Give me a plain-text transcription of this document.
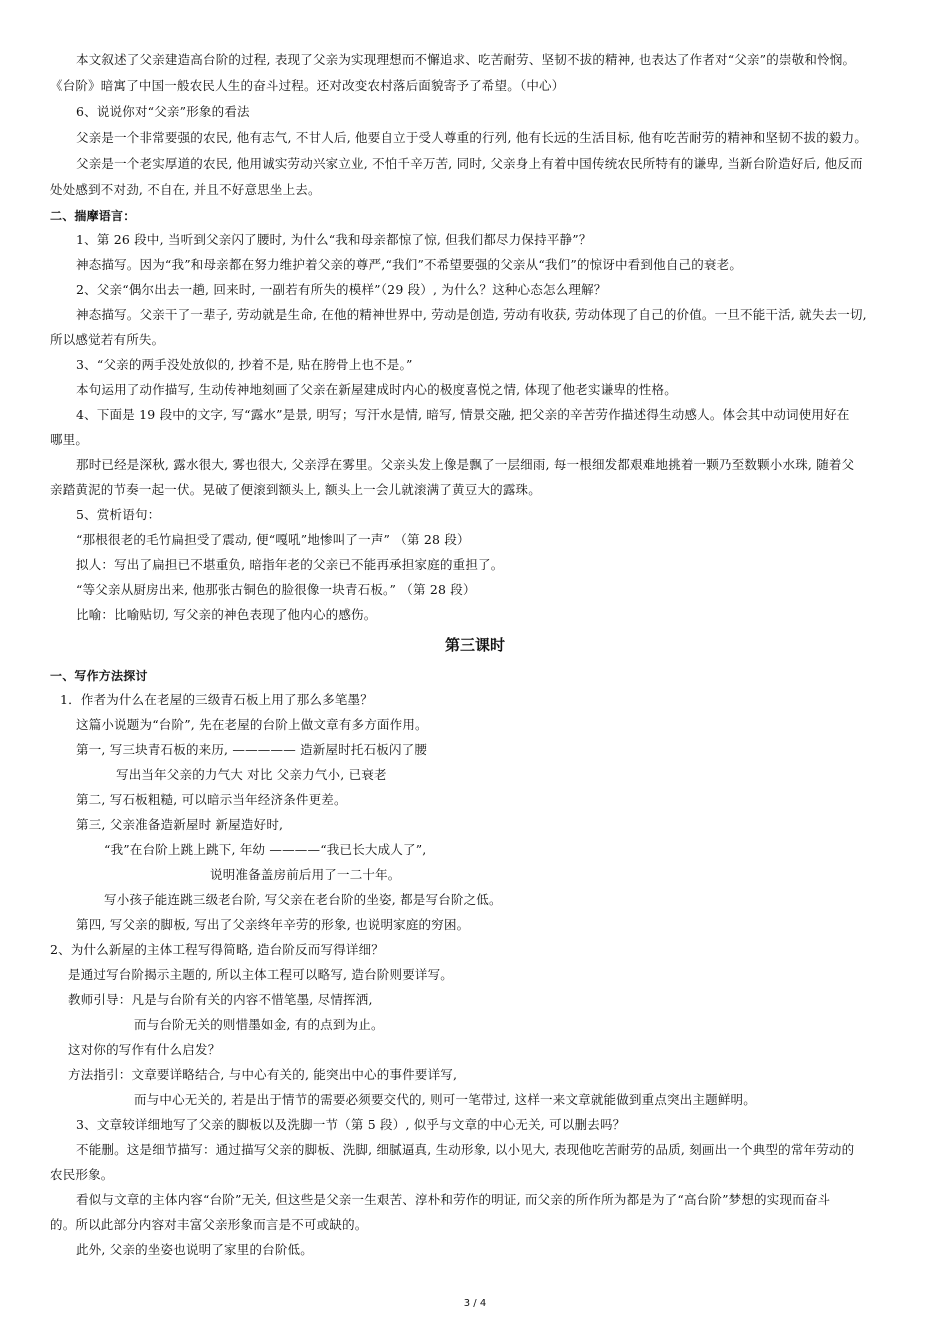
本文叙述了父亲建造高台阶的过程, 表现了父亲为实现理想而不懈追求、吃苦耐劳、坚韧不拔的精神, 也表达了作者对“父亲”的崇敬和怜悯。
《台阶》暗寓了中国一般农民人生的奋斗过程。还对改变农村落后面貌寄予了希望。（中心）
6、说说你对“父亲”形象的看法
父亲是一个非常要强的农民, 他有志气, 不甘人后, 他要自立于受人尊重的行列, 他有长远的生活目标, 他有吃苦耐劳的精神和坚韧不拔的毅力。
父亲是一个老实厚道的农民, 他用诚实劳动兴家立业, 不怕千辛万苦, 同时, 父亲身上有着中国传统农民所特有的谦卑, 当新台阶造好后, 他反而
处处感到不对劲, 不自在, 并且不好意思坐上去。
二、揣摩语言：
1、第 26 段中, 当听到父亲闪了腰时, 为什么“我和母亲都惊了惊, 但我们都尽力保持平静”？
神态描写。因为“我”和母亲都在努力维护着父亲的尊严,“我们”不希望要强的父亲从“我们”的惊讶中看到他自己的衰老。
2、父亲“偶尔出去一趟, 回来时, 一副若有所失的模样”（29 段）, 为什么？这种心态怎么理解？
神态描写。父亲干了一辈子, 劳动就是生命, 在他的精神世界中, 劳动是创造, 劳动有收获, 劳动体现了自己的价值。一旦不能干活, 就失去一切,
所以感觉若有所失。
3、“父亲的两手没处放似的, 抄着不是, 贴在胯骨上也不是。”
本句运用了动作描写, 生动传神地刻画了父亲在新屋建成时内心的极度喜悦之情, 体现了他老实谦卑的性格。
4、下面是 19 段中的文字, 写“露水”是景, 明写；写汗水是情, 暗写, 情景交融, 把父亲的辛苦劳作描述得生动感人。体会其中动词使用好在
哪里。
那时已经是深秋, 露水很大, 雾也很大, 父亲浮在雾里。父亲头发上像是飘了一层细雨, 每一根细发都艰难地挑着一颗乃至数颗小水珠, 随着父
亲踏黄泥的节奏一起一伏。晃破了便滚到额头上, 额头上一会儿就滚满了黄豆大的露珠。
5、赏析语句：
“那根很老的毛竹扁担受了震动, 便“嘎吼”地惨叫了一声” （第 28 段）
拟人：写出了扁担已不堪重负, 暗指年老的父亲已不能再承担家庭的重担了。
“等父亲从厨房出来, 他那张古铜色的脸很像一块青石板。” （第 28 段）
比喻：比喻贴切, 写父亲的神色表现了他内心的感伤。
第三课时
一、写作方法探讨
1．作者为什么在老屋的三级青石板上用了那么多笔墨？
这篇小说题为“台阶”, 先在老屋的台阶上做文章有多方面作用。
第一, 写三块青石板的来历, ————— 造新屋时托石板闪了腰
写出当年父亲的力气大 对比 父亲力气小, 已衰老
第二, 写石板粗糙, 可以暗示当年经济条件更差。
第三, 父亲准备造新屋时 新屋造好时,
“我”在台阶上跳上跳下, 年幼 ————“我已长大成人了”,
说明准备盖房前后用了一二十年。
写小孩子能连跳三级老台阶, 写父亲在老台阶的坐姿, 都是写台阶之低。
第四, 写父亲的脚板, 写出了父亲终年辛劳的形象, 也说明家庭的穷困。
2、为什么新屋的主体工程写得简略, 造台阶反而写得详细？
是通过写台阶揭示主题的, 所以主体工程可以略写, 造台阶则要详写。
教师引导：凡是与台阶有关的内容不惜笔墨, 尽情挥洒,
而与台阶无关的则惜墨如金, 有的点到为止。
这对你的写作有什么启发？
方法指引：文章要详略结合, 与中心有关的, 能突出中心的事件要详写,
而与中心无关的, 若是出于情节的需要必须要交代的, 则可一笔带过, 这样一来文章就能做到重点突出主题鲜明。
3、文章较详细地写了父亲的脚板以及洗脚一节（第 5 段）, 似乎与文章的中心无关, 可以删去吗？
不能删。这是细节描写：通过描写父亲的脚板、洗脚, 细腻逼真, 生动形象, 以小见大, 表现他吃苦耐劳的品质, 刻画出一个典型的常年劳动的
农民形象。
看似与文章的主体内容“台阶”无关, 但这些是父亲一生艰苦、淳朴和劳作的明证, 而父亲的所作所为都是为了“高台阶”梦想的实现而奋斗
的。所以此部分内容对丰富父亲形象而言是不可或缺的。
此外, 父亲的坐姿也说明了家里的台阶低。
3 / 4
